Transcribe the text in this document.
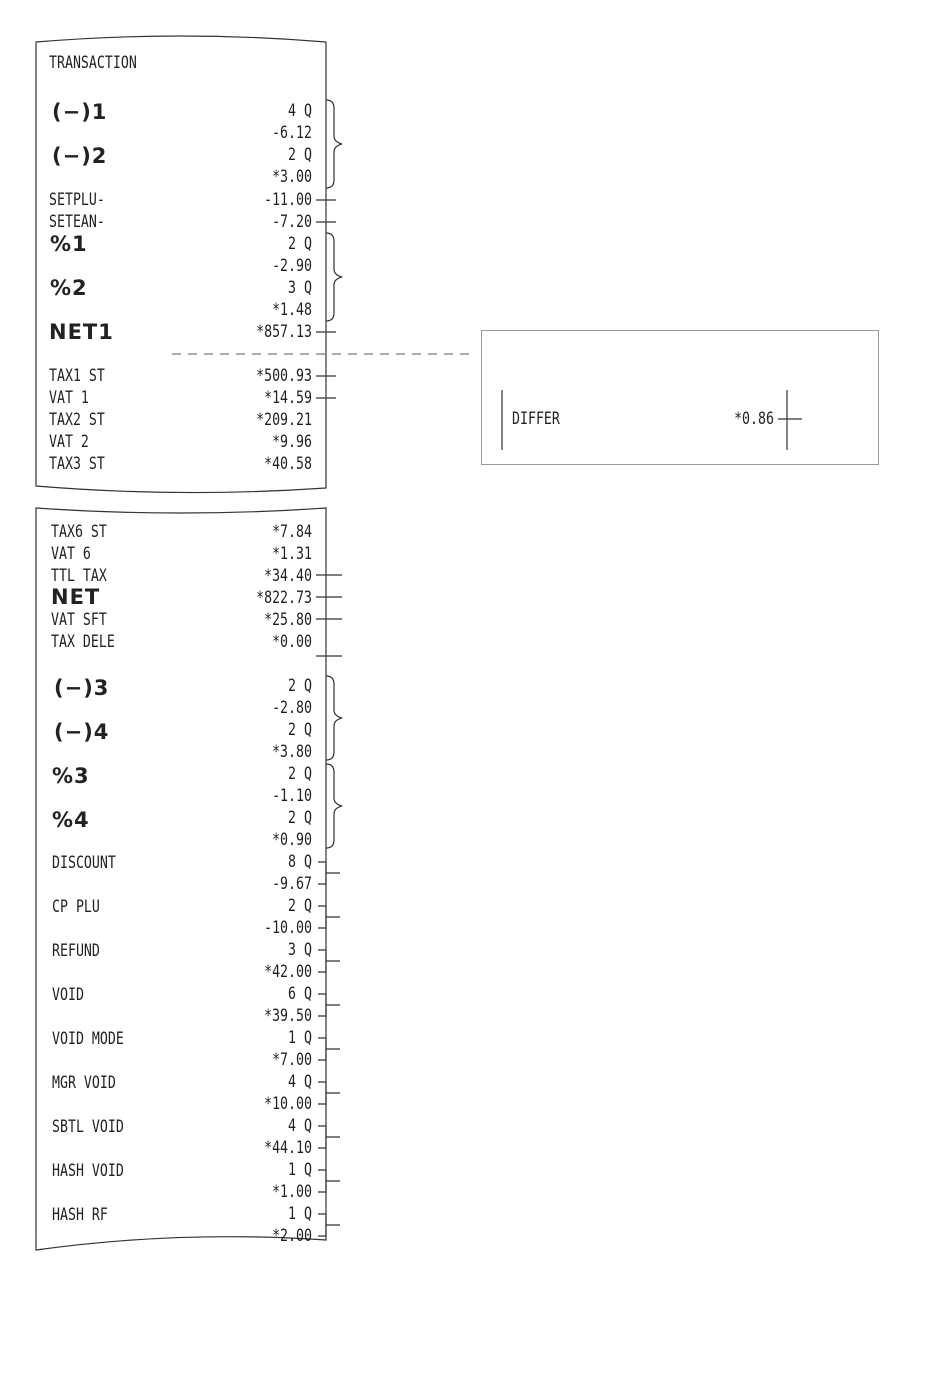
TRANSACTION
(−)1	4 Q
-6.12
(−)2	2 Q
*3.00
SETPLU-	-11.00
SETEAN-	-7.20
%1	2 Q
-2.90
%2	3 Q
*1.48
NET1	*857.13
TAX1 ST	*500.93
VAT 1	*14.59
TAX2 ST	*209.21
VAT 2	*9.96
TAX3 ST	*40.58
DIFFER	*0.86
TAX6 ST	*7.84
VAT 6	*1.31
TTL TAX	*34.40
NET	*822.73
VAT SFT	*25.80
TAX DELE	*0.00
(−)3	2 Q
-2.80
(−)4	2 Q
*3.80
%3	2 Q
-1.10
%4	2 Q
*0.90
DISCOUNT	8 Q
-9.67
CP PLU	2 Q
-10.00
REFUND	3 Q
*42.00
VOID	6 Q
*39.50
VOID MODE	1 Q
*7.00
MGR VOID	4 Q
*10.00
SBTL VOID	4 Q
*44.10
HASH VOID	1 Q
*1.00
HASH RF	1 Q
*2.00
